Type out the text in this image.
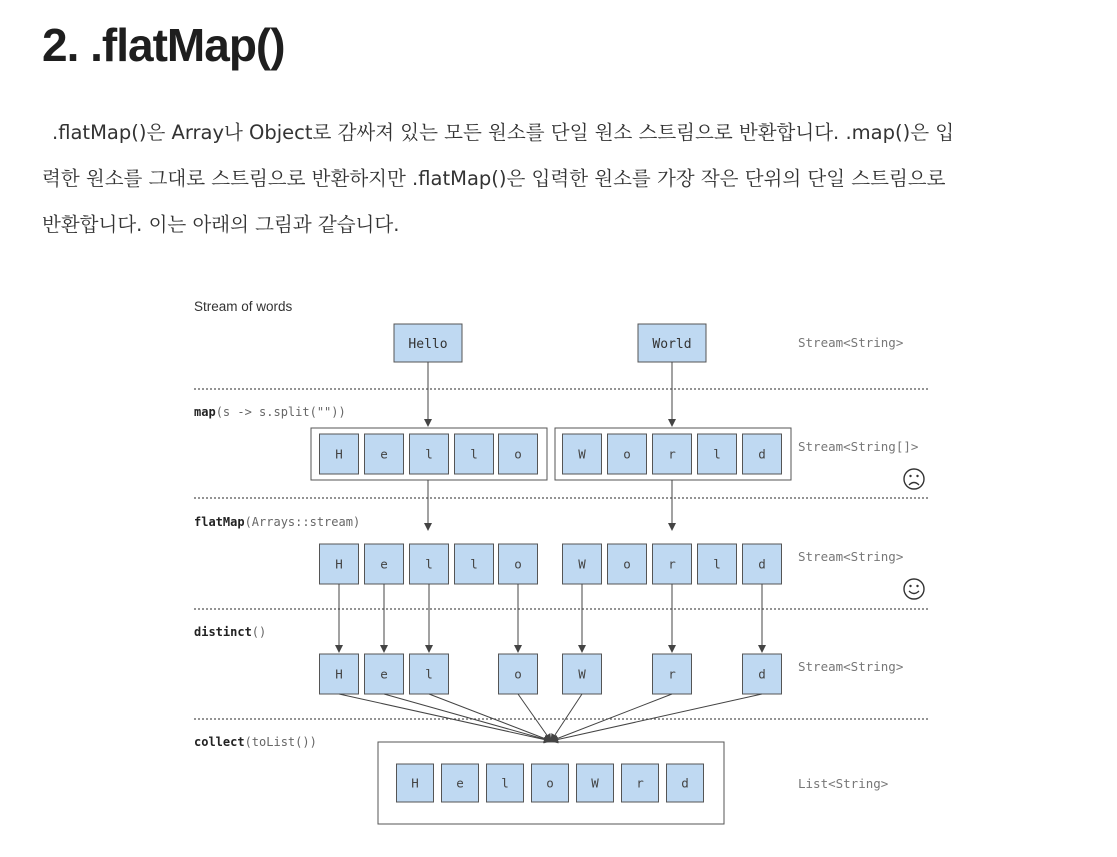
2. .flatMap()

.flatMap()은 Array나 Object로 감싸져 있는 모든 원소를 단일 원소 스트림으로 반환합니다. .map()은 입
력한 원소를 그대로 스트림으로 반환하지만 .flatMap()은 입력한 원소를 가장 작은 단위의 단일 스트림으로
반환합니다. 이는 아래의 그림과 같습니다.

Stream of words
Hello	World
map(s -> s.split(""))
flatMap(Arrays::stream)
distinct()
collect(toList())
H	e	l	l	o	W	o	r	l	d
H	e	l	l	o	W	o	r	l	d
H	e	l	o	W	r	d
H	e	l	o	W	r	d
Stream<String>
Stream<String[]>
Stream<String>
Stream<String>
List<String>
